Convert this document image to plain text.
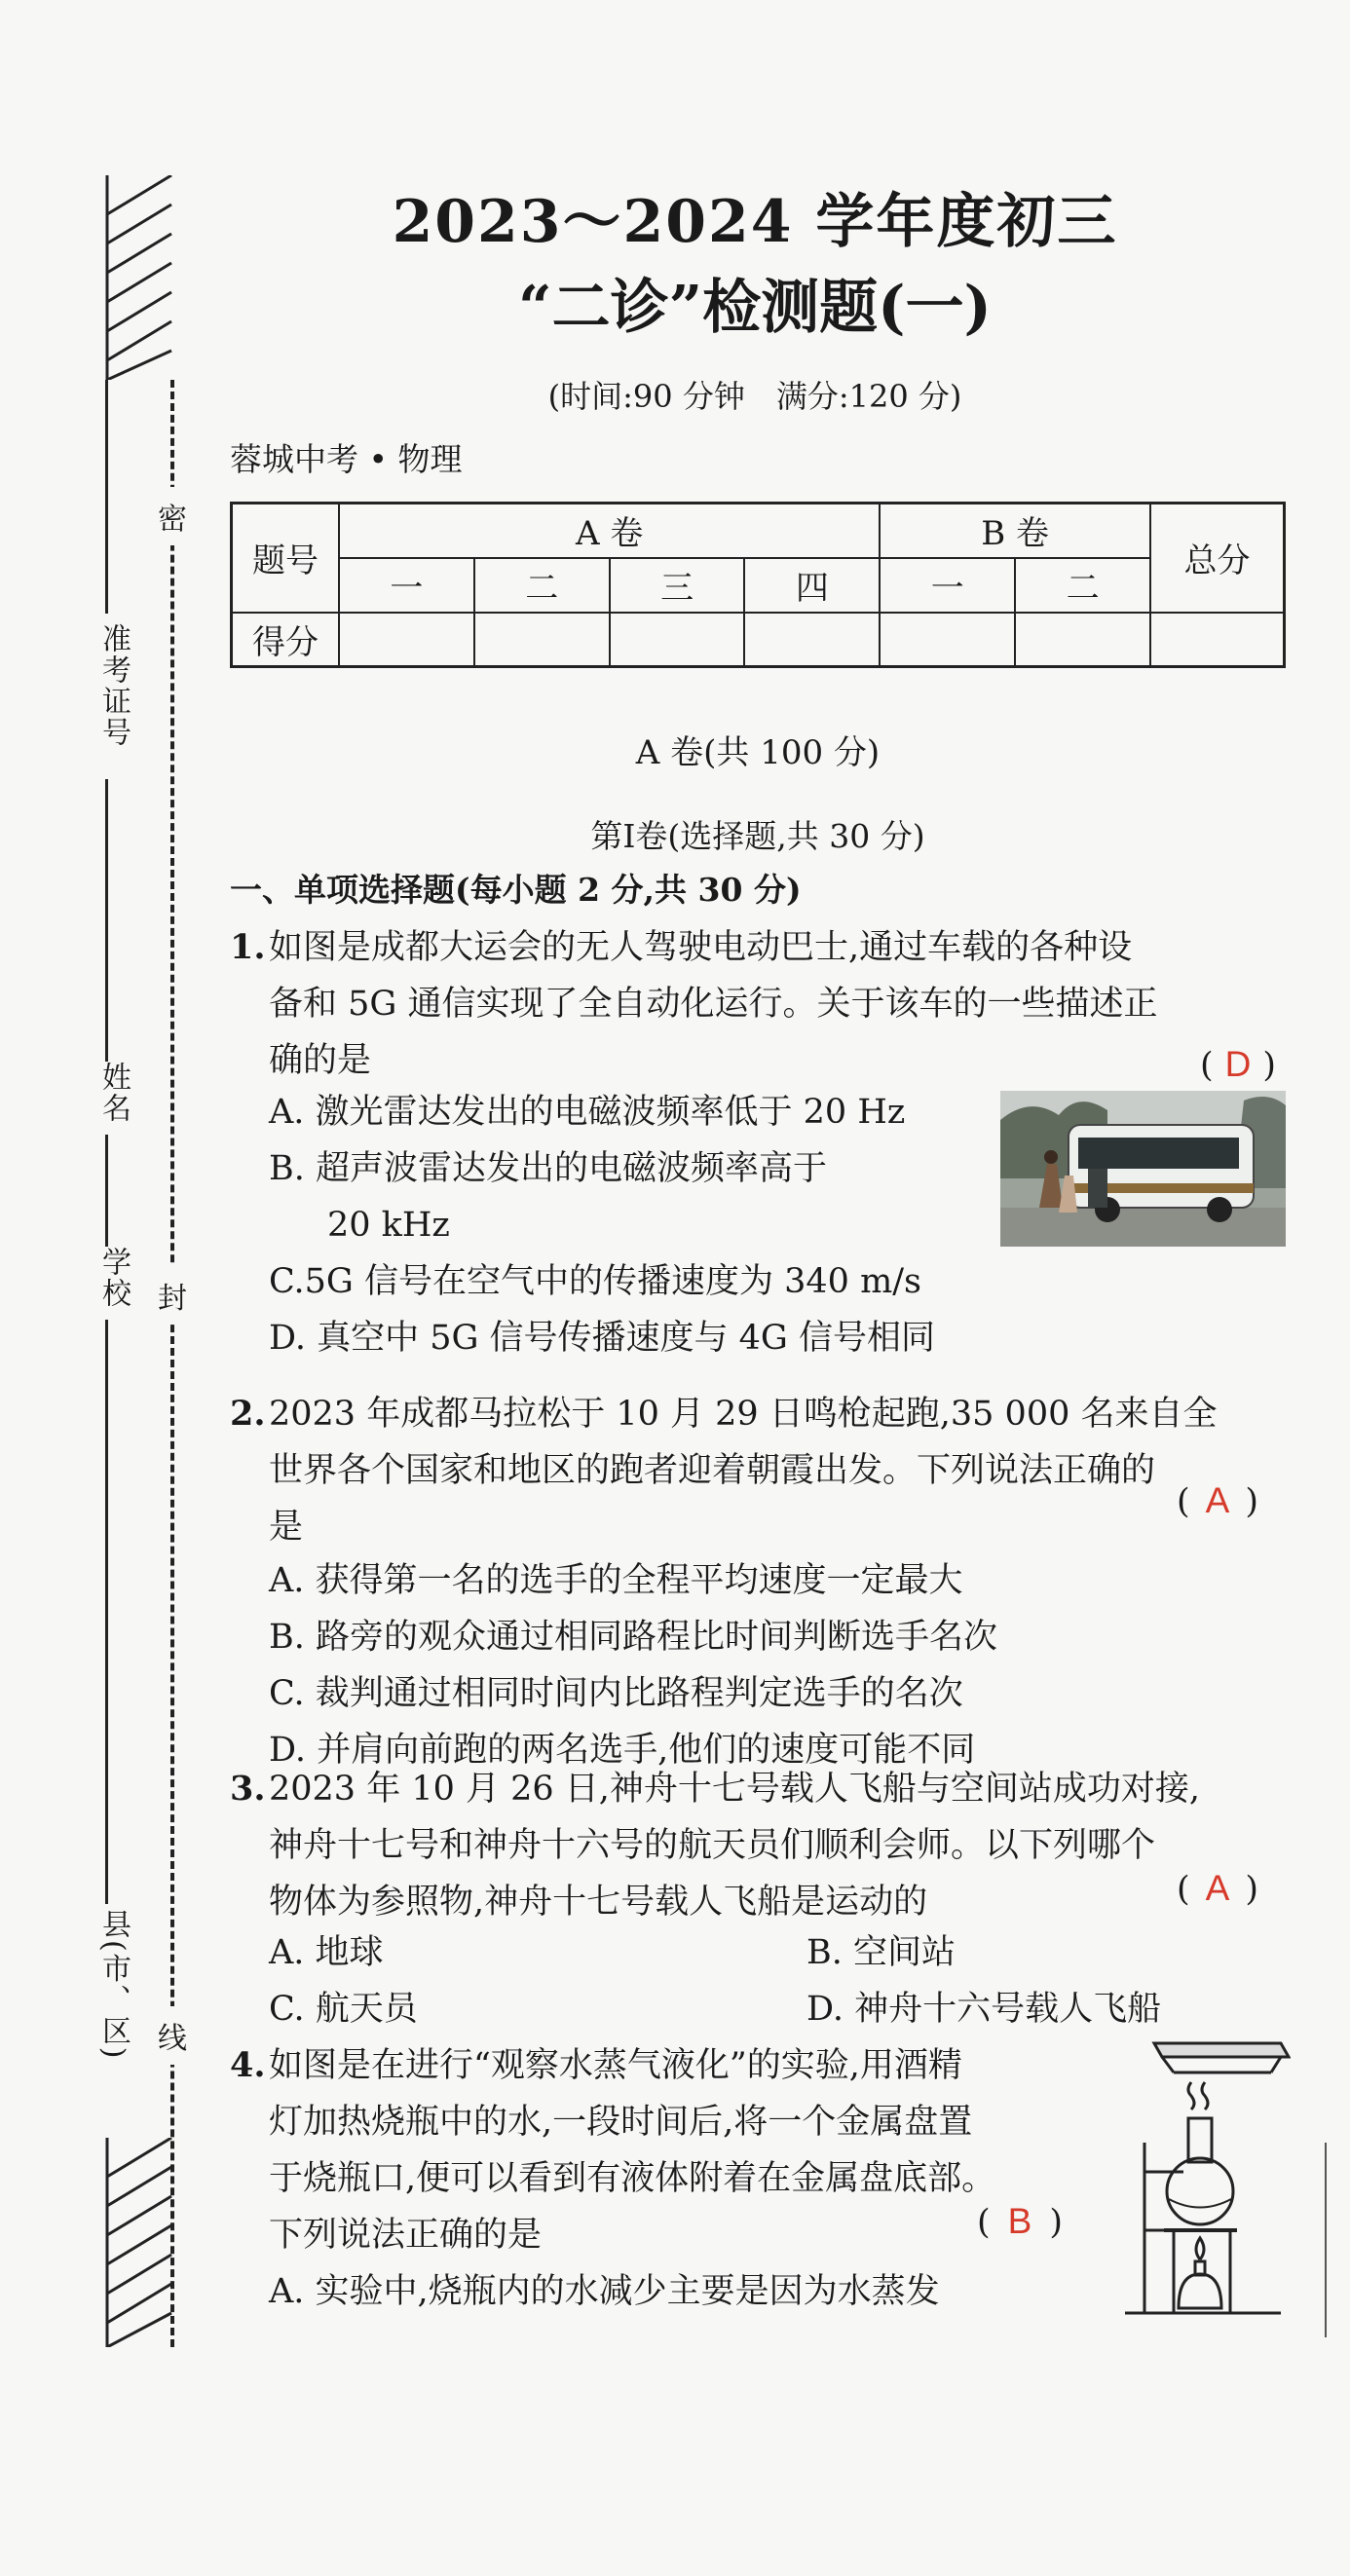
准考证号
姓名
学校
县(市、区)
密
封
线
2023～2024 学年度初三
“二诊”检测题(一)
(时间:90 分钟　满分:120 分)
蓉城中考 • 物理
题号	A 卷				B 卷		总分
	一	二	三	四	一	二	
得分							
A 卷(共 100 分)
第Ⅰ卷(选择题,共 30 分)
一、单项选择题(每小题 2 分,共 30 分)
1. 如图是成都大运会的无人驾驶电动巴士,通过车载的各种设
备和 5G 通信实现了全自动化运行。关于该车的一些描述正
确的是	( D )
A. 激光雷达发出的电磁波频率低于 20 Hz
B. 超声波雷达发出的电磁波频率高于
20 kHz
C.5G 信号在空气中的传播速度为 340 m/s
D. 真空中 5G 信号传播速度与 4G 信号相同
2. 2023 年成都马拉松于 10 月 29 日鸣枪起跑,35 000 名来自全
世界各个国家和地区的跑者迎着朝霞出发。下列说法正确的
是
( A )
A. 获得第一名的选手的全程平均速度一定最大
B. 路旁的观众通过相同路程比时间判断选手名次
C. 裁判通过相同时间内比路程判定选手的名次
D. 并肩向前跑的两名选手,他们的速度可能不同
3. 2023 年 10 月 26 日,神舟十七号载人飞船与空间站成功对接,
神舟十七号和神舟十六号的航天员们顺利会师。以下列哪个
物体为参照物,神舟十七号载人飞船是运动的	( A )
A. 地球	B. 空间站
C. 航天员	D. 神舟十六号载人飞船
4. 如图是在进行“观察水蒸气液化”的实验,用酒精
灯加热烧瓶中的水,一段时间后,将一个金属盘置
于烧瓶口,便可以看到有液体附着在金属盘底部。
下列说法正确的是	( B )
A. 实验中,烧瓶内的水减少主要是因为水蒸发
